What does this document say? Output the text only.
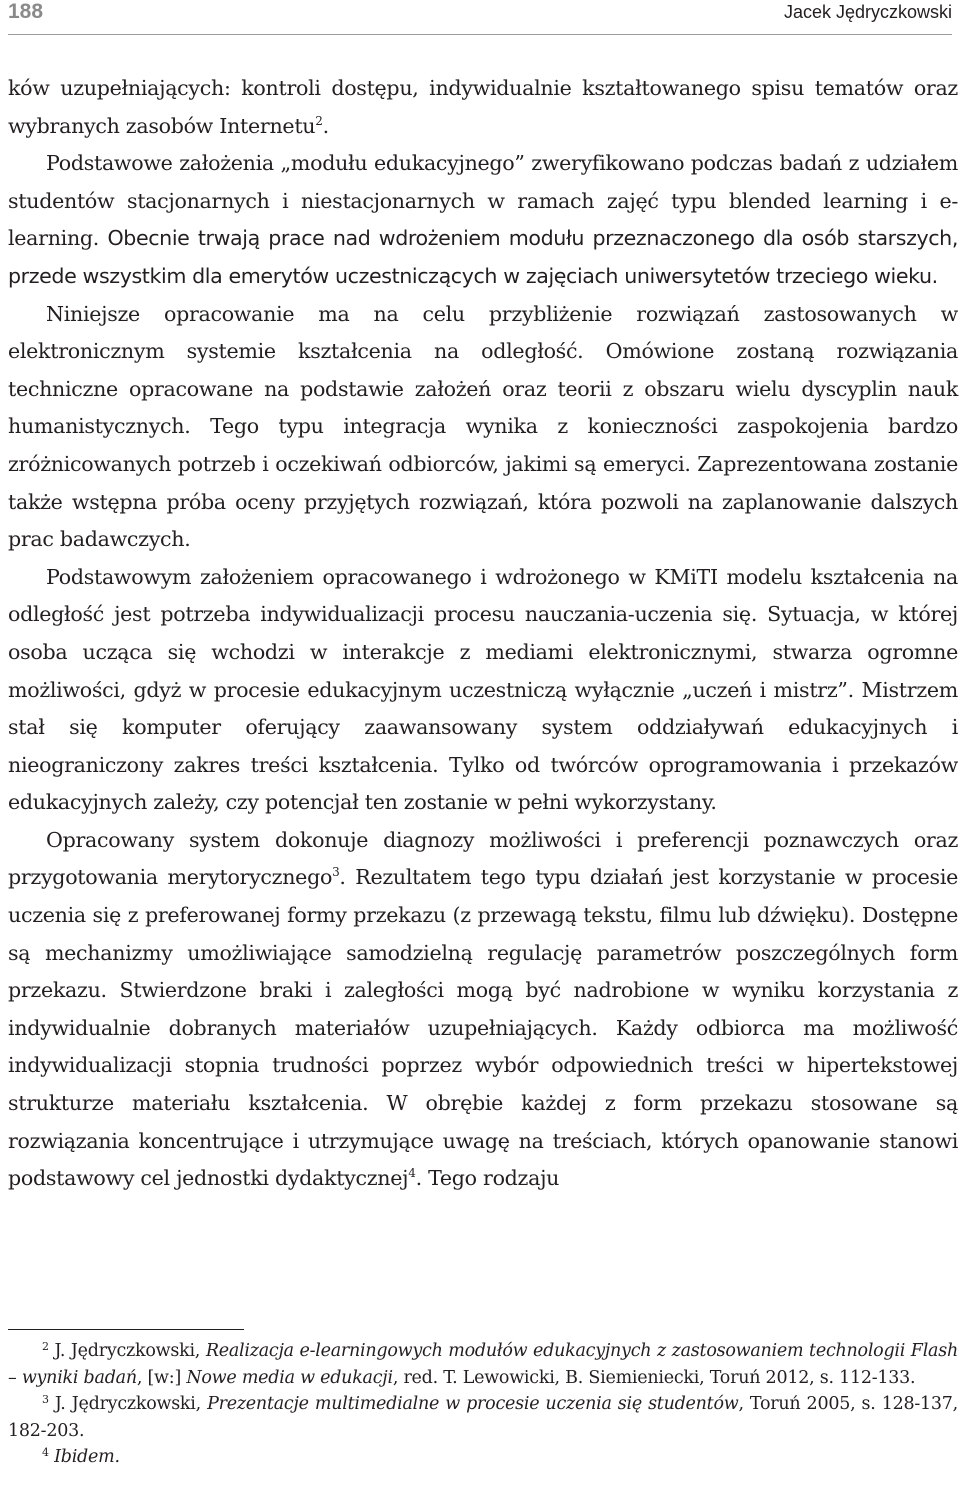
188	Jacek Jędryczkowski

ków uzupełniających: kontroli dostępu, indywidualnie kształtowanego spisu tematów oraz wybranych zasobów Internetu$^2$.

Podstawowe założenia „modułu edukacyjnego” zweryfikowano podczas badań z udziałem studentów stacjonarnych i niestacjonarnych w ramach zajęć typu blended learning i e-learning. Obecnie trwają prace nad wdrożeniem modułu przeznaczonego dla osób starszych, przede wszystkim dla emerytów uczestniczących w zajęciach uniwersytetów trzeciego wieku.

Niniejsze opracowanie ma na celu przybliżenie rozwiązań zastosowanych w elektronicznym systemie kształcenia na odległość. Omówione zostaną rozwiązania techniczne opracowane na podstawie założeń oraz teorii z obszaru wielu dyscyplin nauk humanistycznych. Tego typu integracja wynika z konieczności zaspokojenia bardzo zróżnicowanych potrzeb i oczekiwań odbiorców, jakimi są emeryci. Zaprezentowana zostanie także wstępna próba oceny przyjętych rozwiązań, która pozwoli na zaplanowanie dalszych prac badawczych.

Podstawowym założeniem opracowanego i wdrożonego w KMiTI modelu kształcenia na odległość jest potrzeba indywidualizacji procesu nauczania-uczenia się. Sytuacja, w której osoba ucząca się wchodzi w interakcje z mediami elektronicznymi, stwarza ogromne możliwości, gdyż w procesie edukacyjnym uczestniczą wyłącznie „uczeń i mistrz”. Mistrzem stał się komputer oferujący zaawansowany system oddziaływań edukacyjnych i nieograniczony zakres treści kształcenia. Tylko od twórców oprogramowania i przekazów edukacyjnych zależy, czy potencjał ten zostanie w pełni wykorzystany.

Opracowany system dokonuje diagnozy możliwości i preferencji poznawczych oraz przygotowania merytorycznego$^3$. Rezultatem tego typu działań jest korzystanie w procesie uczenia się z preferowanej formy przekazu (z przewagą tekstu, filmu lub dźwięku). Dostępne są mechanizmy umożliwiające samodzielną regulację parametrów poszczególnych form przekazu. Stwierdzone braki i zaległości mogą być nadrobione w wyniku korzystania z indywidualnie dobranych materiałów uzupełniających. Każdy odbiorca ma możliwość indywidualizacji stopnia trudności poprzez wybór odpowiednich treści w hipertekstowej strukturze materiału kształcenia. W obrębie każdej z form przekazu stosowane są rozwiązania koncentrujące i utrzymujące uwagę na treściach, których opanowanie stanowi podstawowy cel jednostki dydaktycznej$^4$. Tego rodzaju

$^2$ J. Jędryczkowski, Realizacja e-learningowych modułów edukacyjnych z zastosowaniem technologii Flash – wyniki badań, [w:] Nowe media w edukacji, red. T. Lewowicki, B. Siemieniecki, Toruń 2012, s. 112-133.

$^3$ J. Jędryczkowski, Prezentacje multimedialne w procesie uczenia się studentów, Toruń 2005, s. 128-137, 182-203.

$^4$ Ibidem.
